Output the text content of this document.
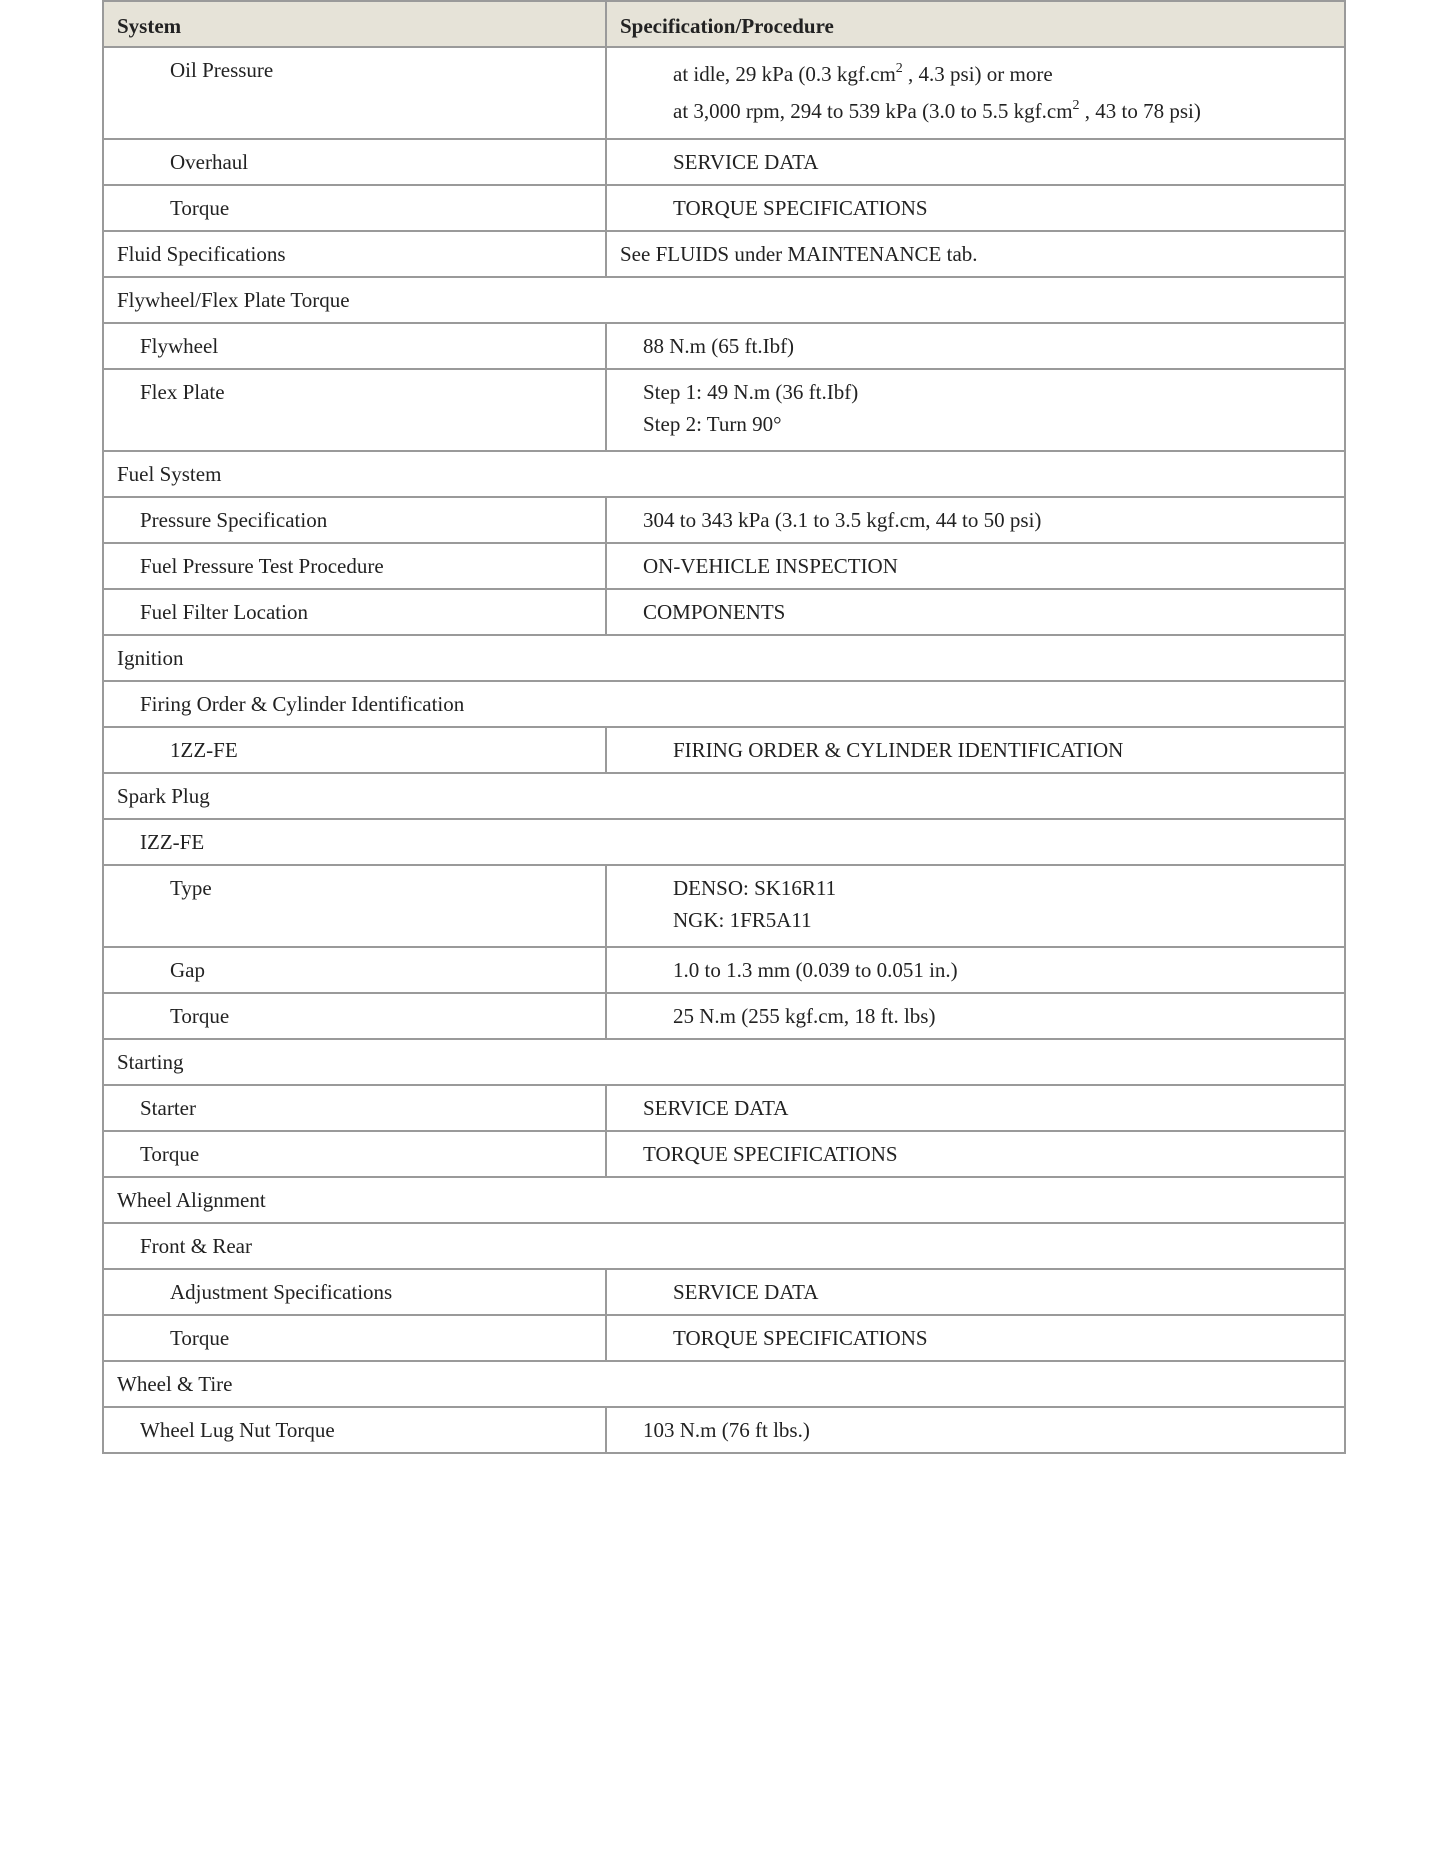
System	Specification/Procedure
Oil Pressure	at idle, 29 kPa (0.3 $kgf.cm^2$ , 4.3 psi) or more
at 3,000 rpm, 294 to 539 kPa (3.0 to 5.5 $kgf.cm^2$ , 43 to 78 psi)

Overhaul	SERVICE DATA
Torque	TORQUE SPECIFICATIONS
Fluid Specifications	See FLUIDS under MAINTENANCE tab.
Flywheel/Flex Plate Torque	
Flywheel	88 N.m (65 ft.Ibf)
Flex Plate	Step 1: 49 N.m (36 ft.Ibf)
Step 2: Turn 90°

Fuel System	
Pressure Specification	304 to 343 kPa (3.1 to 3.5 kgf.cm, 44 to 50 psi)
Fuel Pressure Test Procedure	ON-VEHICLE INSPECTION
Fuel Filter Location	COMPONENTS
Ignition	
Firing Order & Cylinder Identification	
1ZZ-FE	FIRING ORDER & CYLINDER IDENTIFICATION
Spark Plug	
IZZ-FE	
Type	DENSO: SK16R11
NGK: 1FR5A11

Gap	1.0 to 1.3 mm (0.039 to 0.051 in.)
Torque	25 N.m (255 kgf.cm, 18 ft. lbs)
Starting	
Starter	SERVICE DATA
Torque	TORQUE SPECIFICATIONS
Wheel Alignment	
Front & Rear	
Adjustment Specifications	SERVICE DATA
Torque	TORQUE SPECIFICATIONS
Wheel & Tire	
Wheel Lug Nut Torque	103 N.m (76 ft lbs.)
